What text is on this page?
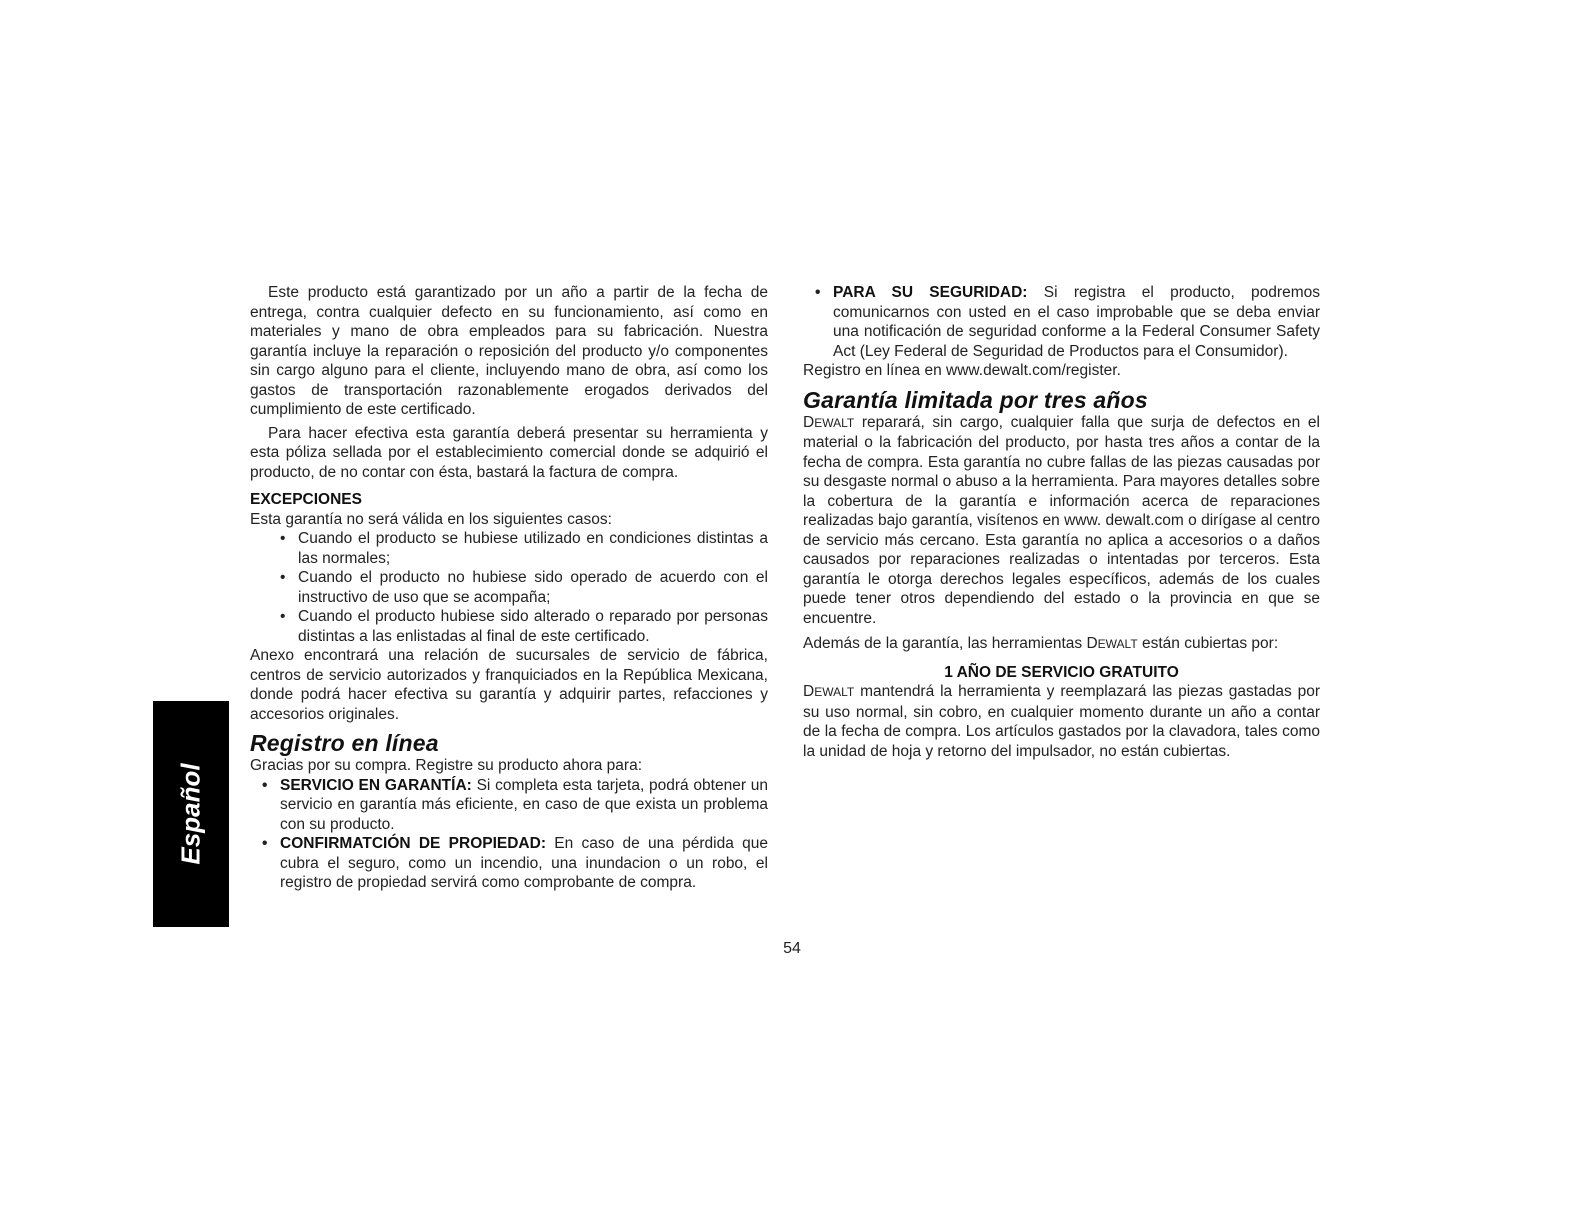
Español

Este producto está garantizado por un año a partir de la fecha de entrega, contra cualquier defecto en su funcionamiento, así como en materiales y mano de obra empleados para su fabricación. Nuestra garantía incluye la reparación o reposición del producto y/o componentes sin cargo alguno para el cliente, incluyendo mano de obra, así como los gastos de transportación razonablemente erogados derivados del cumplimiento de este certificado.

Para hacer efectiva esta garantía deberá presentar su herramienta y esta póliza sellada por el establecimiento comercial donde se adquirió el producto, de no contar con ésta, bastará la factura de compra.

EXCEPCIONES

Esta garantía no será válida en los siguientes casos:

• Cuando el producto se hubiese utilizado en condiciones distintas a las normales;
• Cuando el producto no hubiese sido operado de acuerdo con el instructivo de uso que se acompaña;
• Cuando el producto hubiese sido alterado o reparado por personas distintas a las enlistadas al final de este certificado.

Anexo encontrará una relación de sucursales de servicio de fábrica, centros de servicio autorizados y franquiciados en la República Mexicana, donde podrá hacer efectiva su garantía y adquirir partes, refacciones y accesorios originales.

Registro en línea

Gracias por su compra. Registre su producto ahora para:

• SERVICIO EN GARANTÍA: Si completa esta tarjeta, podrá obtener un servicio en garantía más eficiente, en caso de que exista un problema con su producto.
• CONFIRMATCIÓN DE PROPIEDAD: En caso de una pérdida que cubra el seguro, como un incendio, una inundacion o un robo, el registro de propiedad servirá como comprobante de compra.
• PARA SU SEGURIDAD: Si registra el producto, podremos comunicarnos con usted en el caso improbable que se deba enviar una notificación de seguridad conforme a la Federal Consumer Safety Act (Ley Federal de Seguridad de Productos para el Consumidor).

Registro en línea en www.dewalt.com/register.

Garantía limitada por tres años

DEWALT reparará, sin cargo, cualquier falla que surja de defectos en el material o la fabricación del producto, por hasta tres años a contar de la fecha de compra. Esta garantía no cubre fallas de las piezas causadas por su desgaste normal o abuso a la herramienta. Para mayores detalles sobre la cobertura de la garantía e información acerca de reparaciones realizadas bajo garantía, visítenos en www. dewalt.com o dirígase al centro de servicio más cercano. Esta garantía no aplica a accesorios o a daños causados por reparaciones realizadas o intentadas por terceros. Esta garantía le otorga derechos legales específicos, además de los cuales puede tener otros dependiendo del estado o la provincia en que se encuentre.

Además de la garantía, las herramientas DEWALT están cubiertas por:

1 AÑO DE SERVICIO GRATUITO

DEWALT mantendrá la herramienta y reemplazará las piezas gastadas por su uso normal, sin cobro, en cualquier momento durante un año a contar de la fecha de compra. Los artículos gastados por la clavadora, tales como la unidad de hoja y retorno del impulsador, no están cubiertas.

54
